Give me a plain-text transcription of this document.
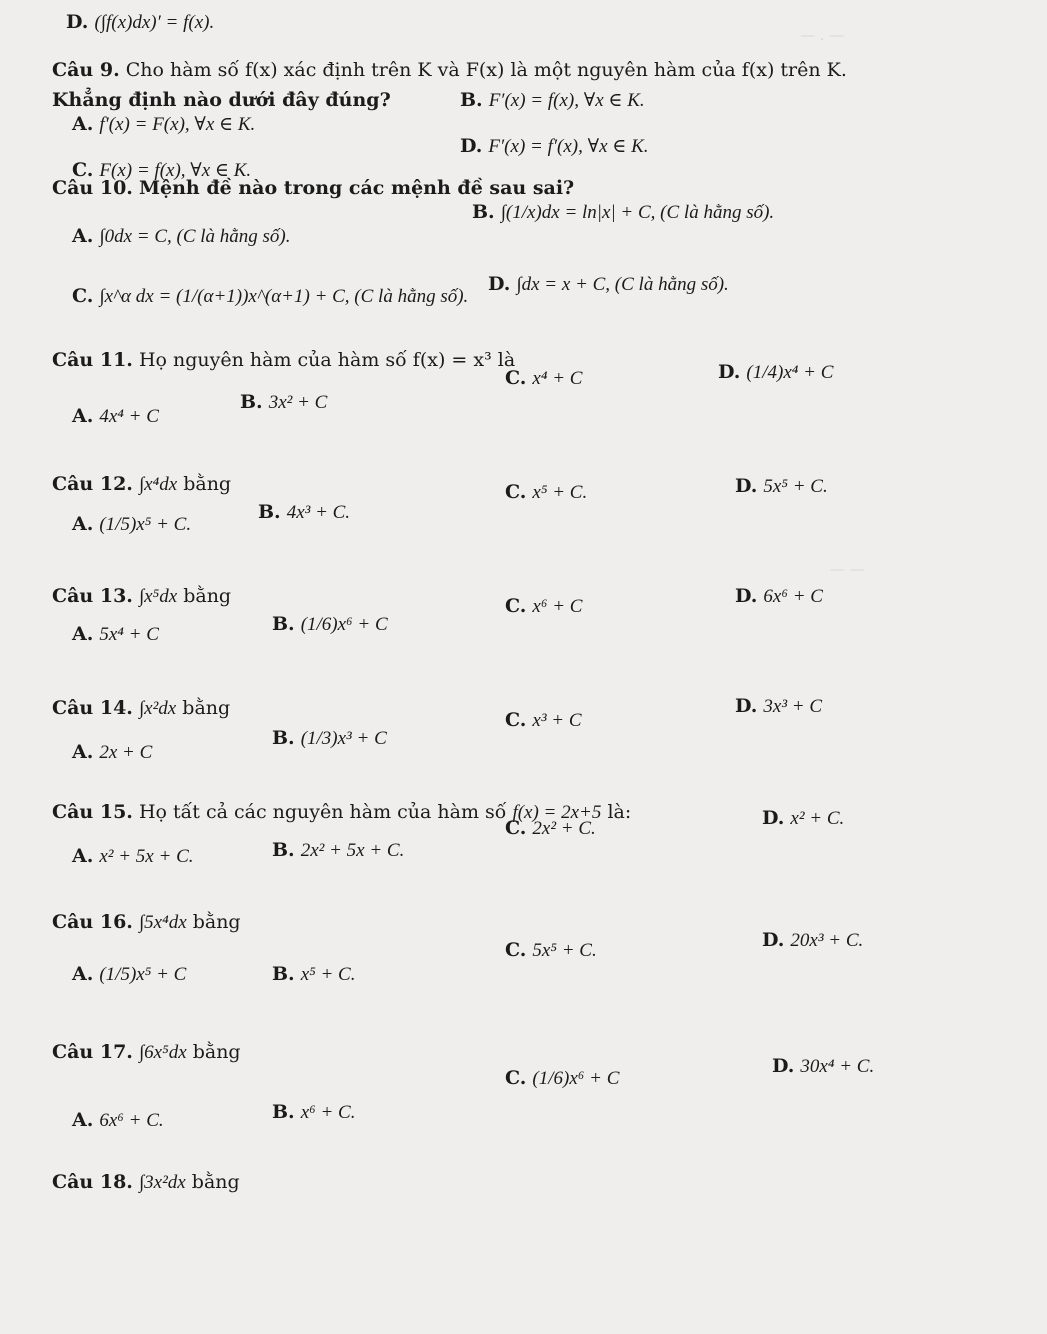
— . —
— —
D. (∫f(x)dx)′ = f(x).
Câu 9. Cho hàm số f(x) xác định trên K và F(x) là một nguyên hàm của f(x) trên K.
Khẳng định nào dưới đây đúng?	B. F′(x) = f(x), ∀x ∈ K.
A. f′(x) = F(x), ∀x ∈ K.
D. F′(x) = f′(x), ∀x ∈ K.
C. F(x) = f(x), ∀x ∈ K.
Câu 10. Mệnh đề nào trong các mệnh đề sau sai?
B. ∫(1/x)dx = ln|x| + C, (C là hằng số).
A. ∫0dx = C, (C là hằng số).
C. ∫x^α dx = (1/(α+1))x^(α+1) + C, (C là hằng số).
D. ∫dx = x + C, (C là hằng số).
Câu 11. Họ nguyên hàm của hàm số f(x) = x³ là
C. x⁴ + C	D. (1/4)x⁴ + C
B. 3x² + C
A. 4x⁴ + C
Câu 12. ∫x⁴dx bằng	D. 5x⁵ + C.
C. x⁵ + C.
B. 4x³ + C.
A. (1/5)x⁵ + C.
Câu 13. ∫x⁵dx bằng	D. 6x⁶ + C
C. x⁶ + C
B. (1/6)x⁶ + C
A. 5x⁴ + C
Câu 14. ∫x²dx bằng	D. 3x³ + C
C. x³ + C
B. (1/3)x³ + C
A. 2x + C
Câu 15. Họ tất cả các nguyên hàm của hàm số f(x) = 2x+5 là:	D. x² + C.
C. 2x² + C.
B. 2x² + 5x + C.
A. x² + 5x + C.
Câu 16. ∫5x⁴dx bằng
D. 20x³ + C.
C. 5x⁵ + C.
A. (1/5)x⁵ + C	B. x⁵ + C.
Câu 17. ∫6x⁵dx bằng
D. 30x⁴ + C.
C. (1/6)x⁶ + C
B. x⁶ + C.
A. 6x⁶ + C.
Câu 18. ∫3x²dx bằng
